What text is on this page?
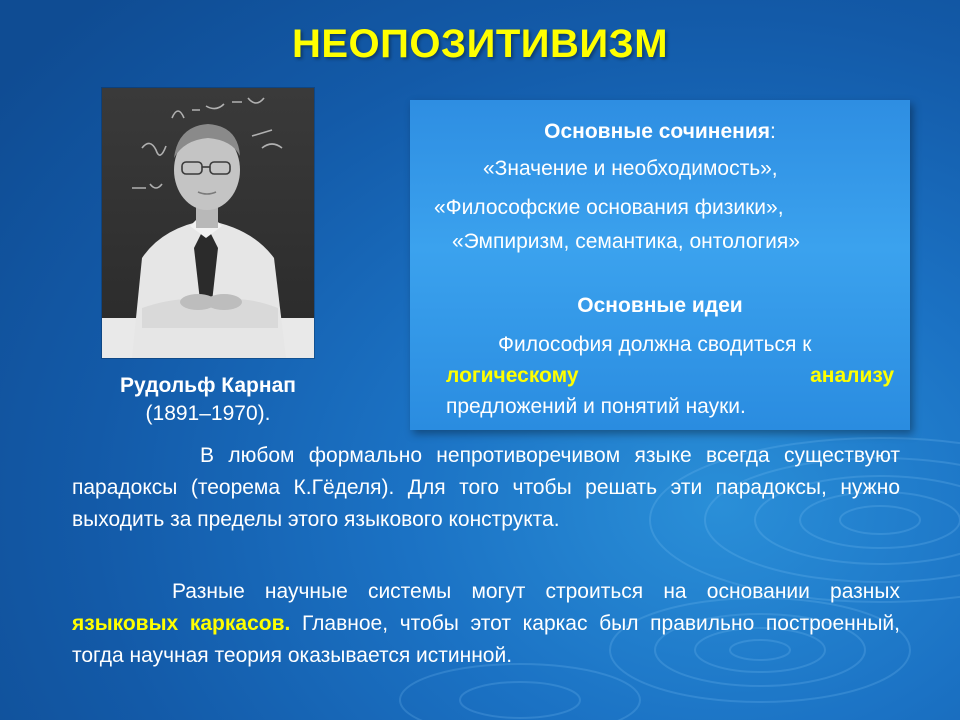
НЕОПОЗИТИВИЗМ
Рудольф Карнап
(1891–1970).
Основные сочинения:
«Значение и необходимость»,
«Философские основания физики»,
«Эмпиризм, семантика, онтология»
Основные идеи
Философия должна сводиться к
логическому	анализу
предложений и понятий науки.
В любом формально непротиворечивом языке всегда существуют парадоксы (теорема К.Гёделя). Для того чтобы решать эти парадоксы, нужно выходить за пределы этого языкового конструкта.
Разные научные системы могут строиться на основании разных языковых каркасов. Главное, чтобы этот каркас был правильно построенный, тогда научная теория оказывается истинной.
